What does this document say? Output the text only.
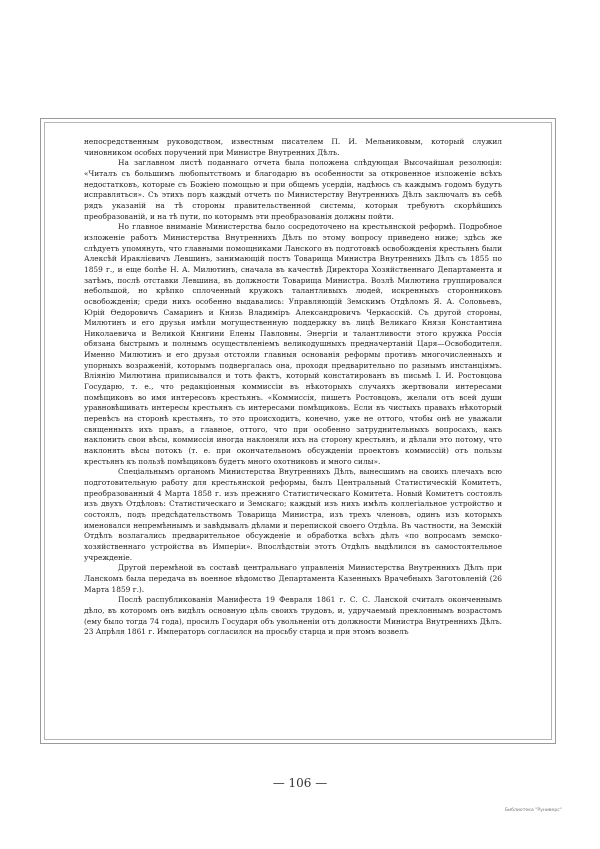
непосредственным руководством, известным писателем П. И. Мельниковым, который служил чиновником особых поручений при Министре Внутренних Дѣлъ.

На заглавном листѣ поданнаго отчета была положена слѣдующая Высочайшая резолюція: «Читалъ съ большимъ любопытствомъ и благодарю въ особенности за откровенное изложеніе всѣхъ недостатковъ, которые съ Божіею помощью и при общемъ усердіи, надѣюсь съ каждымъ годомъ будутъ исправляться». Съ этихъ поръ каждый отчетъ по Министерству Внутреннихъ Дѣлъ заключалъ въ себѣ рядъ указаній на тѣ стороны правительственной системы, которыя требуютъ скорѣйшихъ преобразованій, и на тѣ пути, по которымъ эти преобразованія должны пойти.

Но главное вниманіе Министерства было сосредоточено на крестьянской реформѣ. Подробное изложеніе работъ Министерства Внутреннихъ Дѣлъ по этому вопросу приведено ниже; здѣсь же слѣдуетъ упомянуть, что главными помощниками Ланского въ подготовкѣ освобожденія крестьянъ были Алексѣй Ираклієвичъ Левшинъ, занимающій постъ Товарища Министра Внутреннихъ Дѣлъ съ 1855 по 1859 г., и еще болѣе Н. А. Милютинъ, сначала въ качествѣ Директора Хозяйственнаго Департамента и затѣмъ, послѣ отставки Левшина, въ должности Товарища Министра. Возлѣ Милютина группировался небольшой, но крѣпко сплоченный кружокъ талантливыхъ людей, искренныхъ сторонниковъ освобожденія; среди нихъ особенно выдавались: Управляющій Земскимъ Отдѣломъ Я. А. Соловьевъ, Юрій Ѳедоровичъ Самаринъ и Князь Владиміръ Александровичъ Черкасскій. Съ другой стороны, Милютинъ и его друзья имѣли могущественную поддержку въ лицѣ Великаго Князя Константина Николаевича и Великой Княгини Елены Павловны. Энергіи и талантливости этого кружка Россія обязана быстрымъ и полнымъ осуществленіемъ великодушныхъ предначертаній Царя—Освободителя. Именно Милютинъ и его друзья отстояли главныя основанія реформы противъ многочисленныхъ и упорныхъ возраженій, которымъ подвергалась она, проходя предварительно по разнымъ инстанціямъ. Вліянію Милютина приписывался и тотъ фактъ, который констатированъ въ письмѣ I. И. Ростовцова Государю, т. е., что редакціонныя коммиссіи въ нѣкоторыхъ случаяхъ жертвовали интересами помѣщиковъ во имя интересовъ крестьянъ. «Коммиссія, пишетъ Ростовцовъ, желали отъ всей души уравновѣшивать интересы крестьянъ съ интересами помѣщиковъ. Если въ чистыхъ правахъ нѣкоторый перевѣсъ на сторонѣ крестьянъ, то это происходитъ, конечно, уже не оттого, чтобы онѣ не уважали священныхъ ихъ правъ, а главное, оттого, что при особенно затруднительныхъ вопросахъ, какъ наклонить свои вѣсы, коммиссія иногда наклоняли ихъ на сторону крестьянъ, и дѣлали это потому, что наклонять вѣсы потокъ (т. е. при окончательномъ обсужденіи проектовъ коммиссій) отъ пользы крестьянъ къ пользѣ помѣщиковъ будетъ много охотниковъ и много силы».

Спеціальнымъ органомъ Министерства Внутреннихъ Дѣлъ, вынесшимъ на своихъ плечахъ всю подготовительную работу для крестьянской реформы, былъ Центральный Статистическій Комитетъ, преобразованный 4 Марта 1858 г. изъ прежняго Статистическаго Комитета. Новый Комитетъ состоялъ изъ двухъ Отдѣловъ: Статистическаго и Земскаго; каждый изъ нихъ имѣлъ коллегіальное устройство и состоялъ, подъ предсѣдательствомъ Товарища Министра, изъ трехъ членовъ, одинъ изъ которыхъ именовался непремѣннымъ и завѣдывалъ дѣлами и перепиской своего Отдѣла. Въ частности, на Земскій Отдѣлъ возлагались предварительное обсужденіе и обработка всѣхъ дѣлъ «по вопросамъ земско-хозяйственнаго устройства въ Имперіи». Впослѣдствіи этотъ Отдѣлъ выдѣлился въ самостоятельное учрежденіе.

Другой перемѣной въ составѣ центральнаго управленія Министерства Внутреннихъ Дѣлъ при Ланскомъ была передача въ военное вѣдомство Департамента Казенныхъ Врачебныхъ Заготовленій (26 Марта 1859 г.).

Послѣ распубликованія Манифеста 19 Февраля 1861 г. С. С. Ланской считалъ оконченнымъ дѣло, въ которомъ онъ видѣлъ основную цѣль своихъ трудовъ, и, удручаемый преклоннымъ возрастомъ (ему было тогда 74 года), просилъ Государя объ увольненіи отъ должности Министра Внутреннихъ Дѣлъ. 23 Апрѣля 1861 г. Императоръ согласился на просьбу старца и при этомъ возвелъ

— 106 —
Библиотека "Руниверс"
